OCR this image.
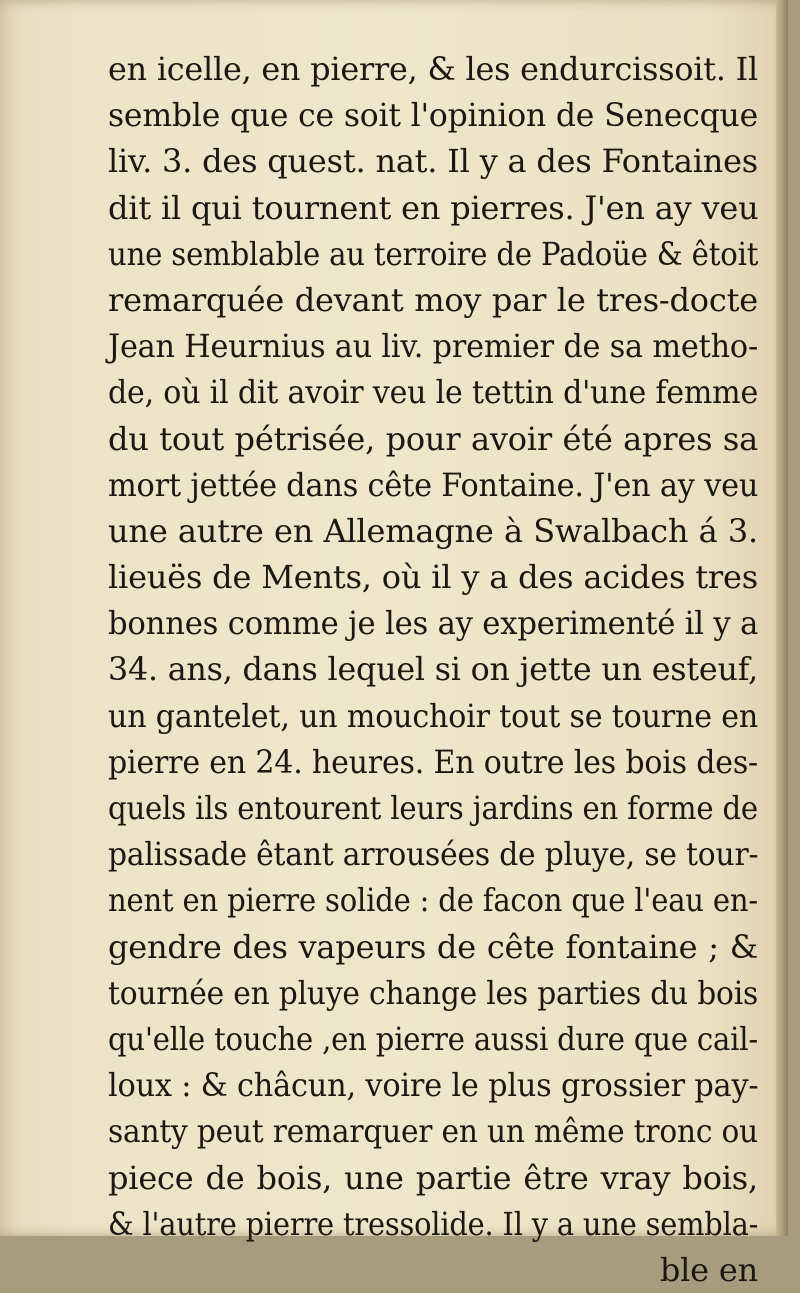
en icelle, en pierre, & les endurcissoit. Il
semble que ce soit l'opinion de Senecque
liv. 3. des quest. nat. Il y a des Fontaines
dit il qui tournent en pierres. J'en ay veu
une semblable au terroire de Padoüe & êtoit
remarquée devant moy par le tres-docte
Jean Heurnius au liv. premier de sa metho-
de, où il dit avoir veu le tettin d'une femme
du tout pétrisée, pour avoir été apres sa
mort jettée dans cête Fontaine. J'en ay veu
une autre en Allemagne à Swalbach á 3.
lieuës de Ments, où il y a des acides tres
bonnes comme je les ay experimenté il y a
34. ans, dans lequel si on jette un esteuf,
un gantelet, un mouchoir tout se tourne en
pierre en 24. heures. En outre les bois des-
quels ils entourent leurs jardins en forme de
palissade êtant arrousées de pluye, se tour-
nent en pierre solide : de facon que l'eau en-
gendre des vapeurs de cête fontaine ; &
tournée en pluye change les parties du bois
qu'elle touche ,en pierre aussi dure que cail-
loux : & châcun, voire le plus grossier pay-
santy peut remarquer en un même tronc ou
piece de bois, une partie être vray bois,
& l'autre pierre tressolide. Il y a une sembla-
ble en
